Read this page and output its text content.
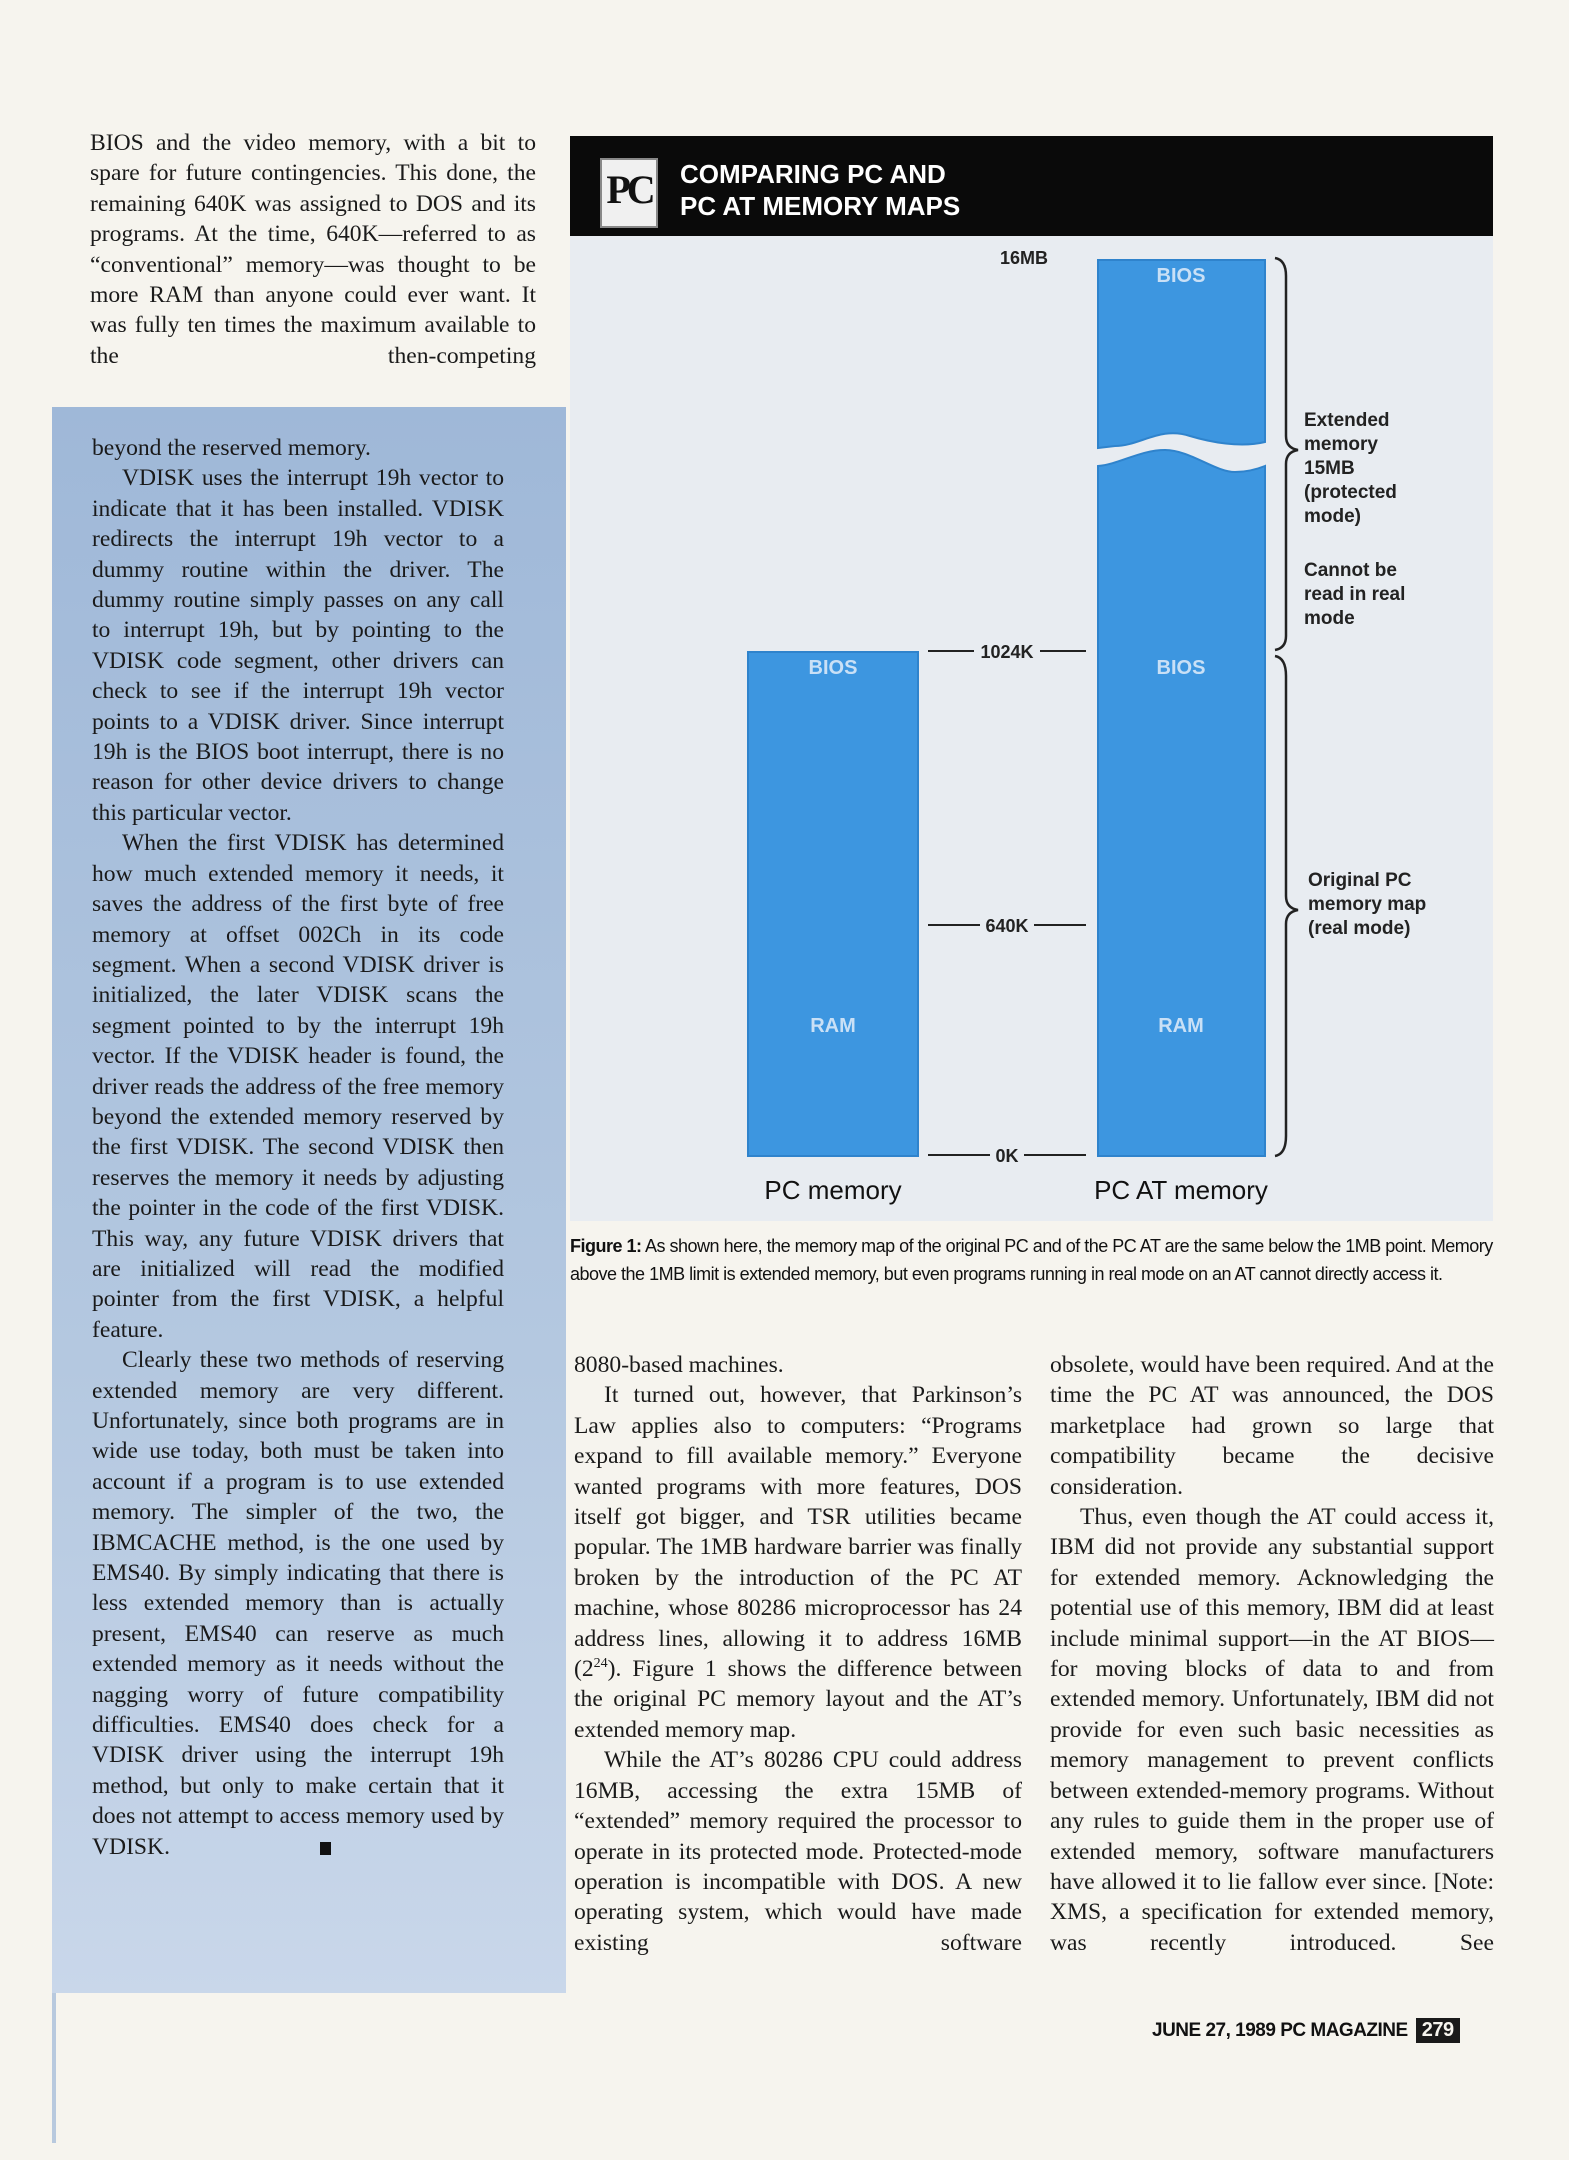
BIOS and the video memory, with a bit to spare for future contingencies. This done, the remaining 640K was assigned to DOS and its programs. At the time, 640K—referred to as “conventional” memory—was thought to be more RAM than anyone could ever want. It was fully ten times the maximum available to the then-competing

beyond the reserved memory.

VDISK uses the interrupt 19h vector to indicate that it has been installed. VDISK redirects the interrupt 19h vector to a dummy routine within the driver. The dummy routine simply passes on any call to interrupt 19h, but by pointing to the VDISK code segment, other drivers can check to see if the interrupt 19h vector points to a VDISK driver. Since interrupt 19h is the BIOS boot interrupt, there is no reason for other device drivers to change this particular vector.

When the first VDISK has determined how much extended memory it needs, it saves the address of the first byte of free memory at offset 002Ch in its code segment. When a second VDISK driver is initialized, the later VDISK scans the segment pointed to by the interrupt 19h vector. If the VDISK header is found, the driver reads the address of the free memory beyond the extended memory reserved by the first VDISK. The second VDISK then reserves the memory it needs by adjusting the pointer in the code of the first VDISK. This way, any future VDISK drivers that are initialized will read the modified pointer from the first VDISK, a helpful feature.

Clearly these two methods of reserving extended memory are very different. Unfortunately, since both programs are in wide use today, both must be taken into account if a program is to use extended memory. The simpler of the two, the IBMCACHE method, is the one used by EMS40. By simply indicating that there is less extended memory than is actually present, EMS40 can reserve as much extended memory as it needs without the nagging worry of future compatibility difficulties. EMS40 does check for a VDISK driver using the interrupt 19h method, but only to make certain that it does not attempt to access memory used by VDISK.

PC COMPARING PC AND
PC AT MEMORY MAPS
BIOS
RAM
BIOS
BIOS
RAM
16MB
1024K
640K
0K
Extended memory 15MB (protected mode)
Cannot be read in real mode
Original PC memory map (real mode)
PC memory	PC AT memory
Figure 1: As shown here, the memory map of the original PC and of the PC AT are the same below the 1MB point. Memory above the 1MB limit is extended memory, but even programs running in real mode on an AT cannot directly access it.

8080-based machines.

It turned out, however, that Parkinson’s Law applies also to computers: “Programs expand to fill available memory.” Everyone wanted programs with more features, DOS itself got bigger, and TSR utilities became popular. The 1MB hardware barrier was finally broken by the introduction of the PC AT machine, whose 80286 microprocessor has 24 address lines, allowing it to address 16MB $(2^{24})$. Figure 1 shows the difference between the original PC memory layout and the AT’s extended memory map.

While the AT’s 80286 CPU could address 16MB, accessing the extra 15MB of “extended” memory required the processor to operate in its protected mode. Protected-mode operation is incompatible with DOS. A new operating system, which would have made existing software

obsolete, would have been required. And at the time the PC AT was announced, the DOS marketplace had grown so large that compatibility became the decisive consideration.

Thus, even though the AT could access it, IBM did not provide any substantial support for extended memory. Acknowledging the potential use of this memory, IBM did at least include minimal support—in the AT BIOS—for moving blocks of data to and from extended memory. Unfortunately, IBM did not provide for even such basic necessities as memory management to prevent conflicts between extended-memory programs. Without any rules to guide them in the proper use of extended memory, software manufacturers have allowed it to lie fallow ever since. [Note: XMS, a specification for extended memory, was recently introduced. See

JUNE 27, 1989 PC MAGAZINE 279
